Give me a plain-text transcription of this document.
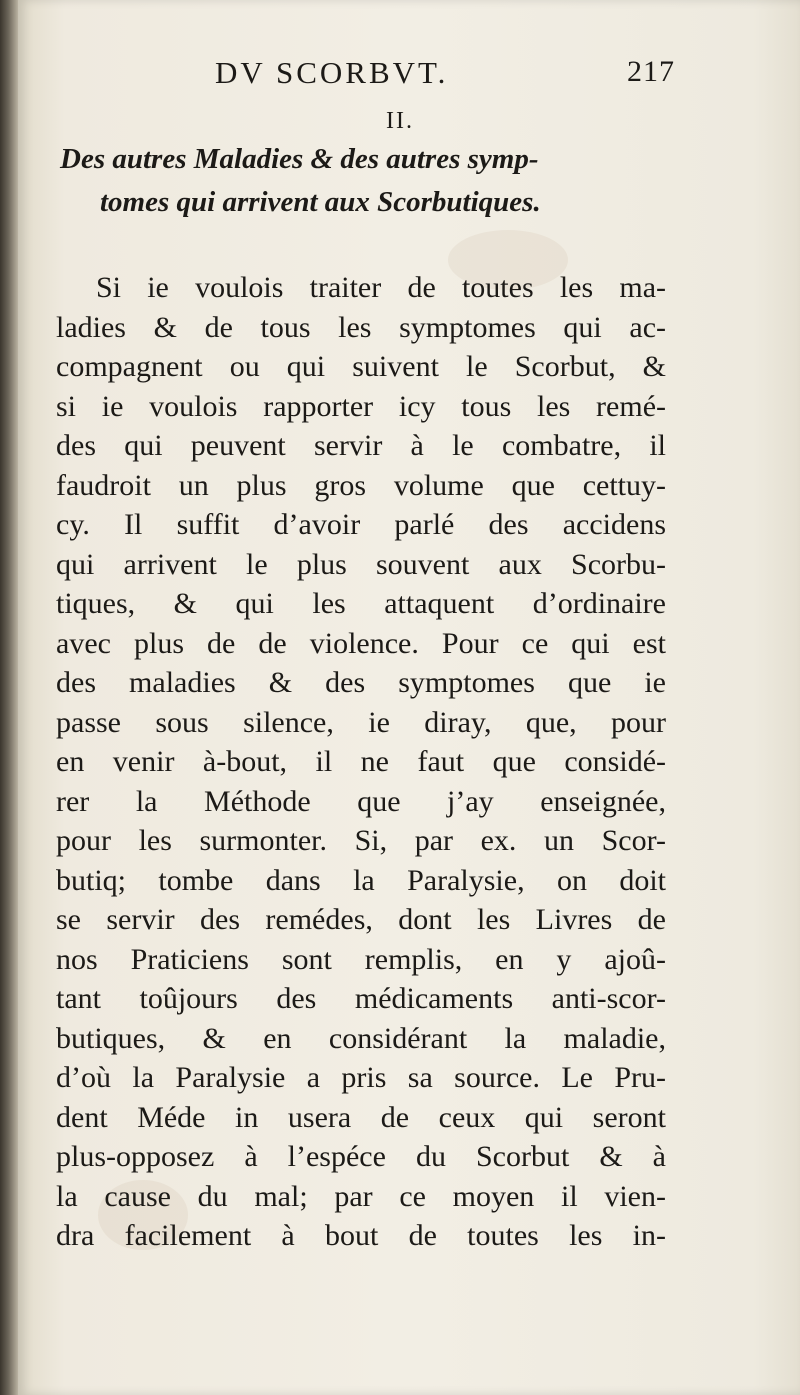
DV SCORBVT.	217
II.
Des autres Maladies & des autres symp-
tomes qui arrivent aux Scorbutiques.
Si ie voulois traiter de toutes les ma-
ladies & de tous les symptomes qui ac-
compagnent ou qui suivent le Scorbut, &
si ie voulois rapporter icy tous les remé-
des qui peuvent servir à le combatre, il
faudroit un plus gros volume que cettuy-
cy. Il suffit d’avoir parlé des accidens
qui arrivent le plus souvent aux Scorbu-
tiques, & qui les attaquent d’ordinaire
avec plus de de violence. Pour ce qui est
des maladies & des symptomes que ie
passe sous silence, ie diray, que, pour
en venir à-bout, il ne faut que considé-
rer la Méthode que j’ay enseignée,
pour les surmonter. Si, par ex. un Scor-
butiq; tombe dans la Paralysie, on doit
se servir des remédes, dont les Livres de
nos Praticiens sont remplis, en y ajoû-
tant toûjours des médicaments anti-scor-
butiques, & en considérant la maladie,
d’où la Paralysie a pris sa source. Le Pru-
dent Méde in usera de ceux qui seront
plus-opposez à l’espéce du Scorbut & à
la cause du mal; par ce moyen il vien-
dra facilement à bout de toutes les in-
